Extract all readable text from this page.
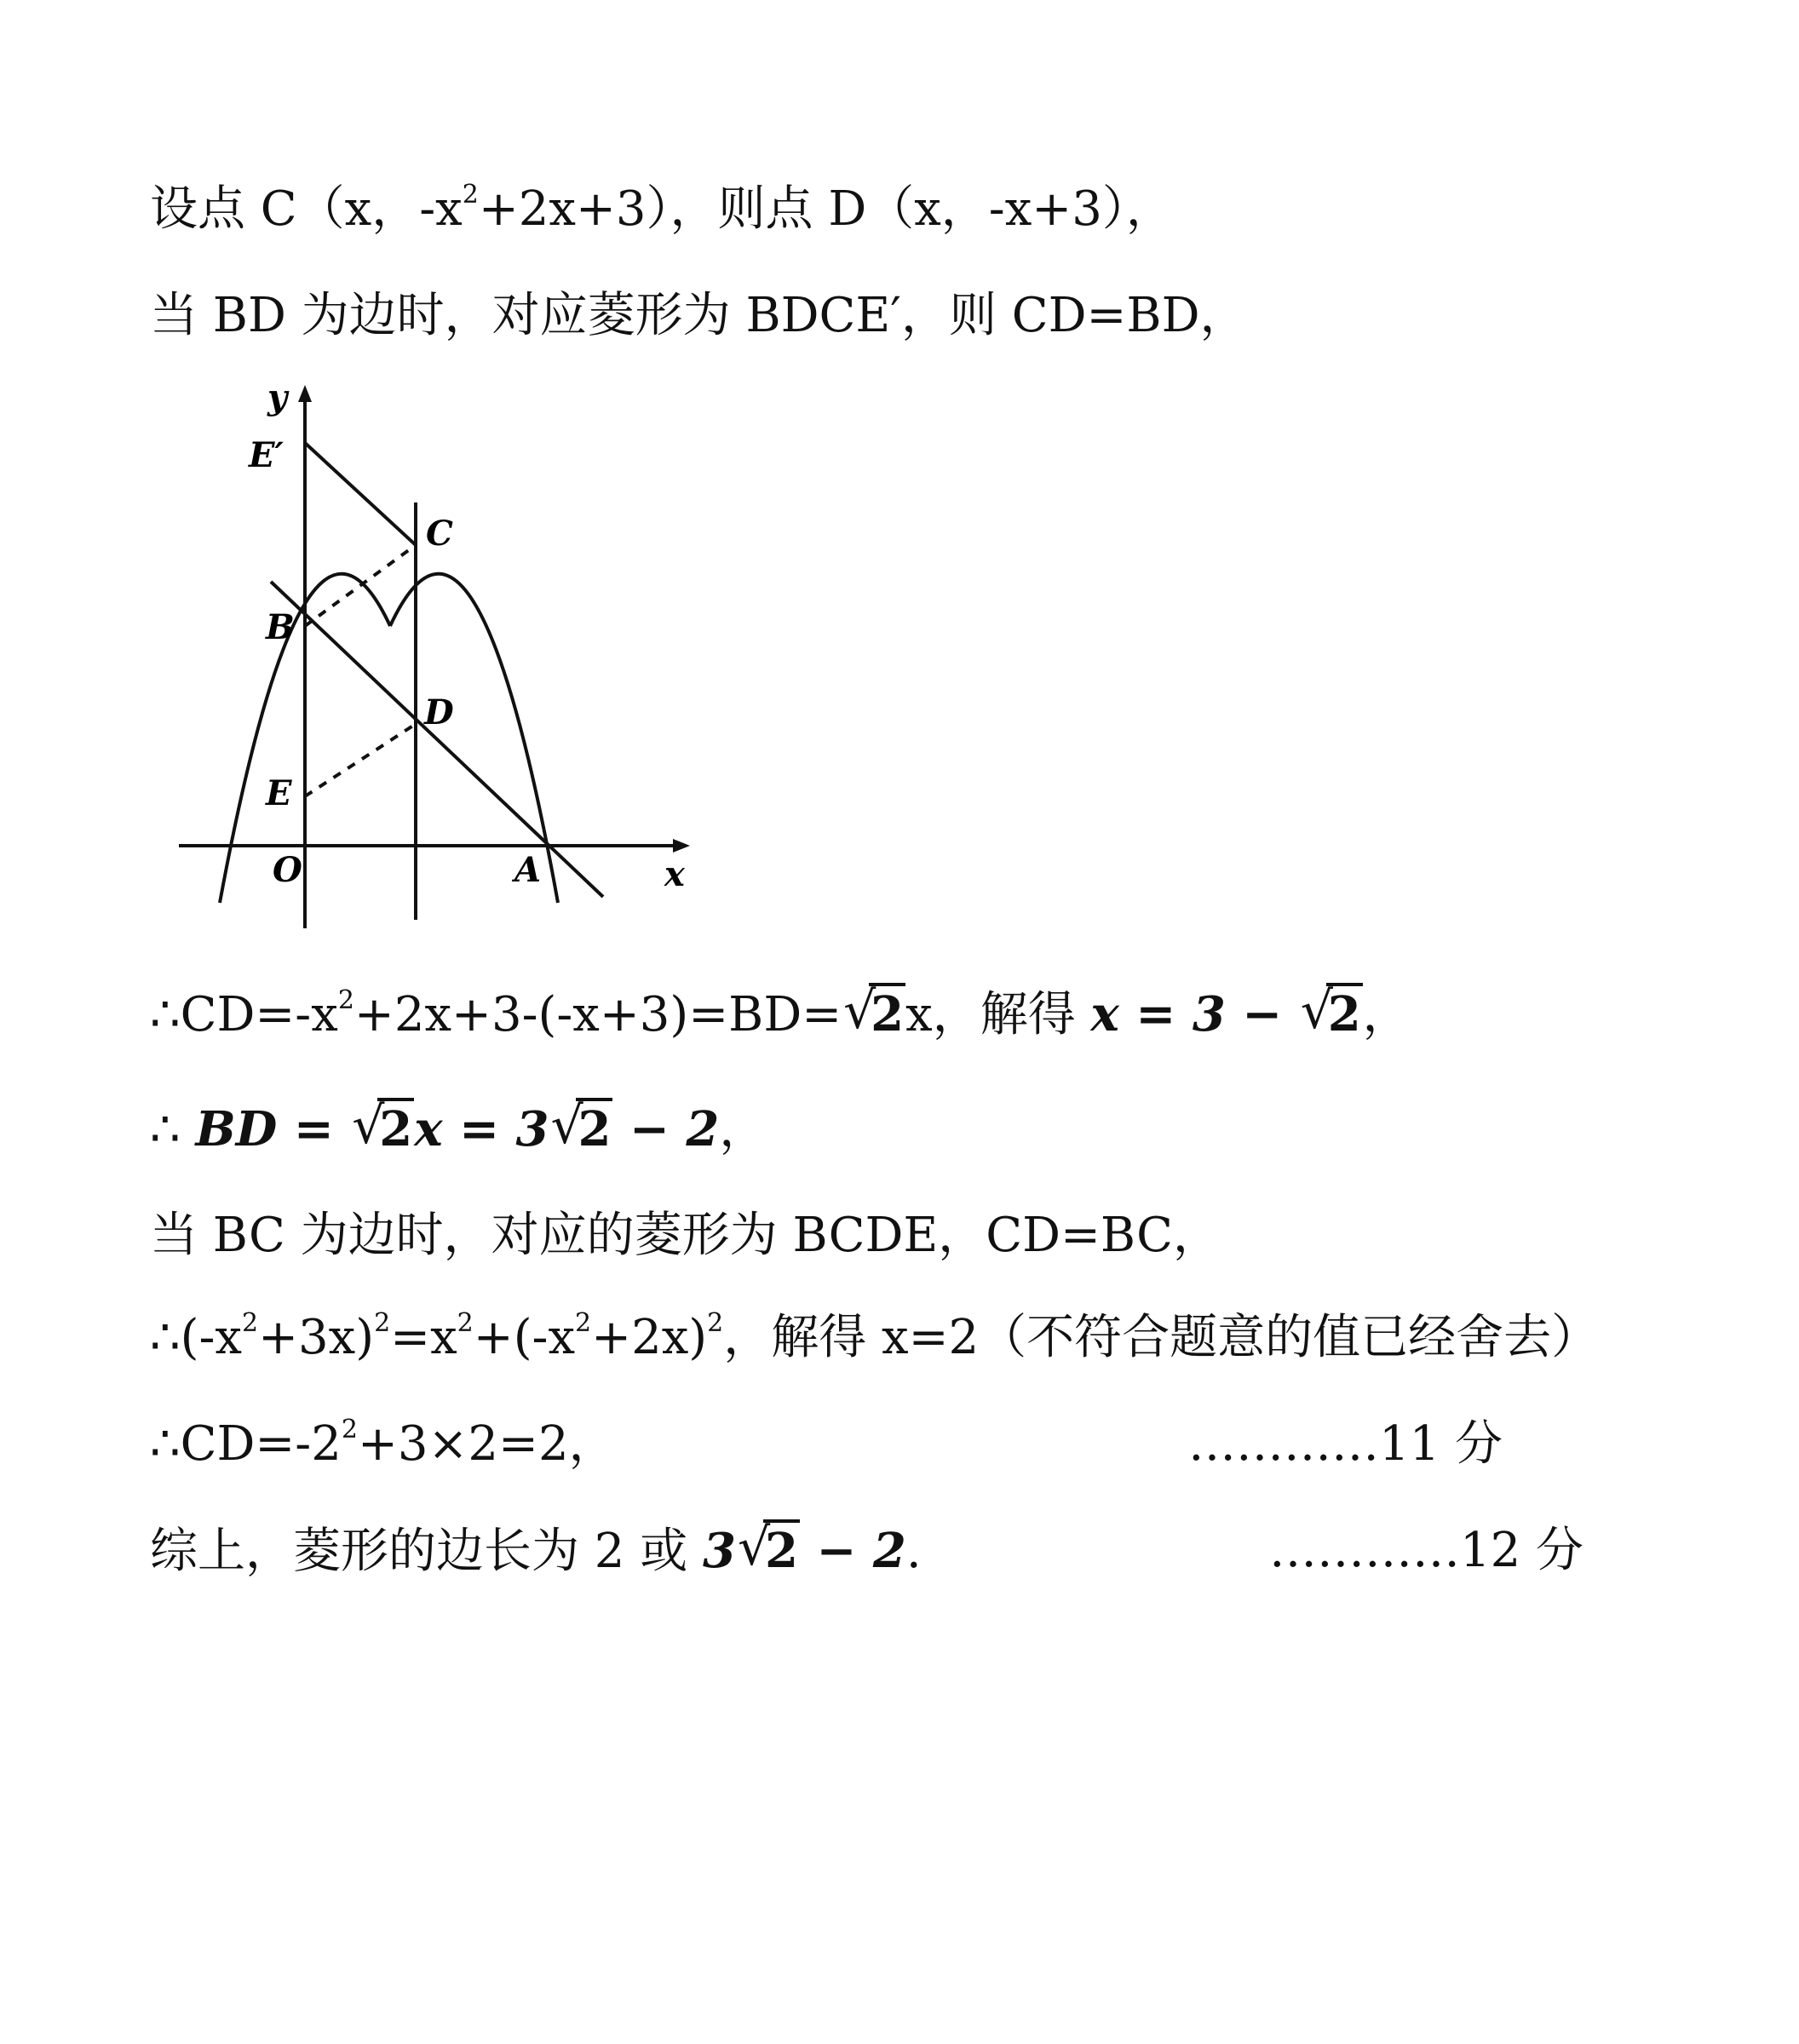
设点 C（x，$-x^2+2x+3$），则点 D（x，-x+3），
当 BD 为边时，对应菱形为 BDCE′，则 CD=BD，
y
x
O	A
B
C
D
E
E′
$\therefore CD=-x^2+2x+3-(-x+3)=BD=√$ 2x，解得 x = 3 − √ 2，
∴ BD = √ 2x = 3√ 2 − 2，
当 BC 为边时，对应的菱形为 BCDE，CD=BC，
$\therefore(-x^2+3x)^2=x^2+(-x^2+2x)^2$，解得 x=2（不符合题意的值已经舍去）
$\therefore CD=-2^2+3\times 2=2$，	…………11 分
综上，菱形的边长为 2 或 3√ 2 − 2.	…………12 分
